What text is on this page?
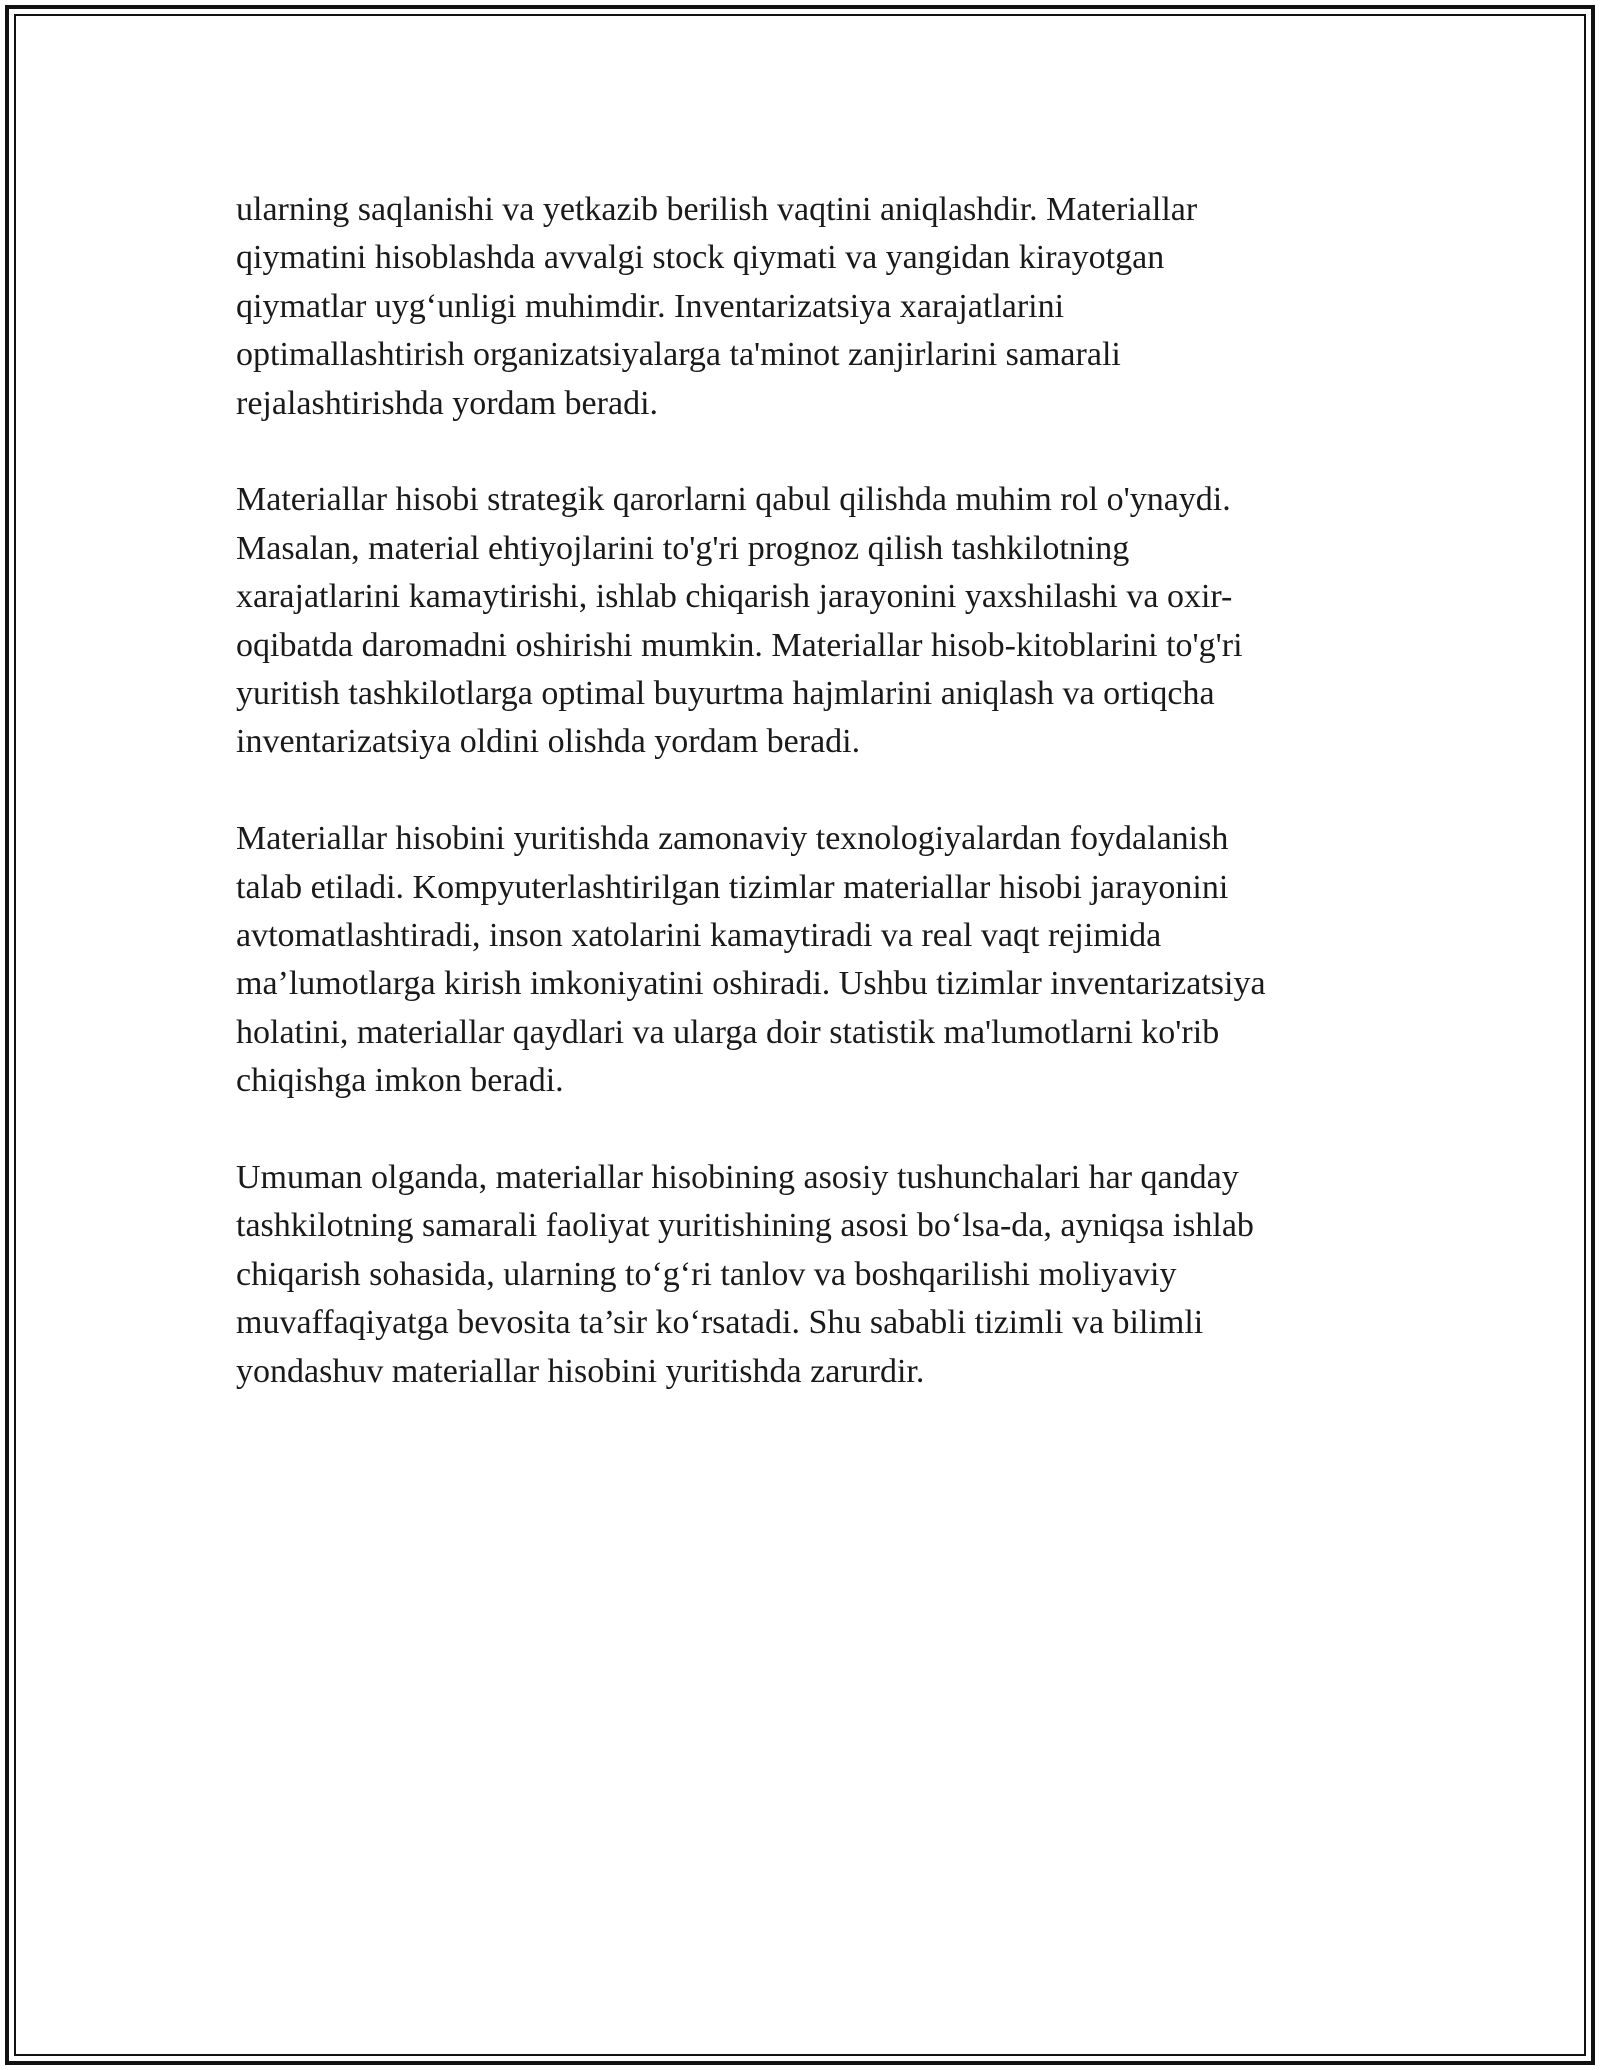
ularning saqlanishi va yetkazib berilish vaqtini aniqlashdir. Materiallar
qiymatini hisoblashda avvalgi stock qiymati va yangidan kirayotgan
qiymatlar uyg‘unligi muhimdir. Inventarizatsiya xarajatlarini
optimallashtirish organizatsiyalarga ta'minot zanjirlarini samarali
rejalashtirishda yordam beradi.

Materiallar hisobi strategik qarorlarni qabul qilishda muhim rol o'ynaydi.
Masalan, material ehtiyojlarini to'g'ri prognoz qilish tashkilotning
xarajatlarini kamaytirishi, ishlab chiqarish jarayonini yaxshilashi va oxir-
oqibatda daromadni oshirishi mumkin. Materiallar hisob-kitoblarini to'g'ri
yuritish tashkilotlarga optimal buyurtma hajmlarini aniqlash va ortiqcha
inventarizatsiya oldini olishda yordam beradi.

Materiallar hisobini yuritishda zamonaviy texnologiyalardan foydalanish
talab etiladi. Kompyuterlashtirilgan tizimlar materiallar hisobi jarayonini
avtomatlashtiradi, inson xatolarini kamaytiradi va real vaqt rejimida
ma’lumotlarga kirish imkoniyatini oshiradi. Ushbu tizimlar inventarizatsiya
holatini, materiallar qaydlari va ularga doir statistik ma'lumotlarni ko'rib
chiqishga imkon beradi.

Umuman olganda, materiallar hisobining asosiy tushunchalari har qanday
tashkilotning samarali faoliyat yuritishining asosi bo‘lsa-da, ayniqsa ishlab
chiqarish sohasida, ularning to‘g‘ri tanlov va boshqarilishi moliyaviy
muvaffaqiyatga bevosita ta’sir ko‘rsatadi. Shu sababli tizimli va bilimli
yondashuv materiallar hisobini yuritishda zarurdir.
